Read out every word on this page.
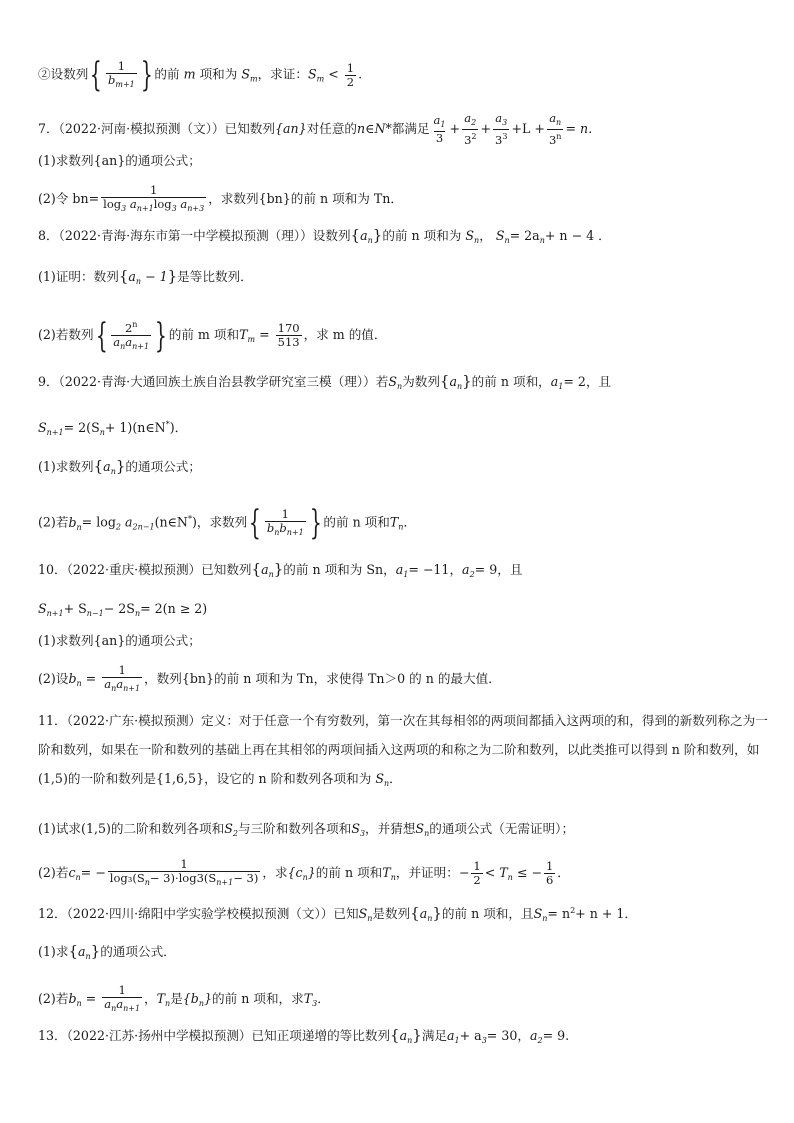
②设数列{ $\frac{1}{b_{m+1}}$ } 的前 m 项和为 $S_m$，求证：$S_m < \frac{1}{2}$ .
7．（2022·河南·模拟预测（文））已知数列{an}对任意的n∈N*都满足 $\frac{a_1}{3} + \frac{a_2}{3^2} + \frac{a_3}{3^3} +L + \frac{a_n}{3^n} = n$．
(1)求数列{an}的通项公式；
(2)令 $bn= \frac{1}{\log_3 a_{n+1}\log_3 a_{n+3}}$ ，求数列{bn}的前 n 项和为 Tn．
8．（2022·青海·海东市第一中学模拟预测（理））设数列$\{a_n\}$的前 n 项和为 $S_n$， $S_n= 2a_n+ n - 4$ ．
(1)证明：数列$\{a_n - 1\}$是等比数列．
(2)若数列{ 2$^n$
$a_na_{n+1}$ } 的前 m 项和$T_m = \frac{170}{513}$ ，求 m 的值．
9．（2022·青海·大通回族土族自治县教学研究室三模（理））若$S_n$为数列$\{a_n\}$的前 n 项和，$a_1= 2$，且
$S_{n+1}= 2(S_n+$ 1)(n∈N*)．
(1)求数列$\{a_n\}$的通项公式；
(2)若$b_n= \log_2$ $a_{2n-1}(n\in N^*)$，求数列{ 1
$b_nb_{n+1}$ } 的前 n 项和$T_n$．
10．（2022·重庆·模拟预测）已知数列$\{a_n\}$的前 n 项和为 Sn，$a_1= -11$，$a_2= 9$，且
$S_{n+1}+ S_{n-1}- 2S_n= 2(n \ge 2)$
(1)求数列{an}的通项公式；
(2)设$b_n$ =
1
$a_na_{n+1}$
，数列{bn}的前 n 项和为 Tn，求使得 Tn＞0 的 n 的最大值．
11．（2022·广东·模拟预测）定义：对于任意一个有穷数列，第一次在其每相邻的两项间都插入这两项的和，得到的新数列称之为一阶和数列，如果在一阶和数列的基础上再在其相邻的两项间插入这两项的和称之为二阶和数列，以此类推可以得到 n 阶和数列，如(1,5)的一阶和数列是{1,6,5}，设它的 n 阶和数列各项和为 $S_n$．
(1)试求(1,5)的二阶和数列各项和$S_2$与三阶和数列各项和$S_3$，并猜想$S_n$的通项公式（无需证明）；
(2)若$c_n= - \frac{1}{\log_3(S_n- 3)\cdot\log 3(S_{n+1}- 3)}$ ，求$\{c_n\}$的前 n 项和$T_n$，并证明：− $\frac{1}{2} < T_n$ ≤ − $\frac{1}{6}$ ．
12．（2022·四川·绵阳中学实验学校模拟预测（文））已知$S_n$是数列$\{a_n\}$的前 n 项和，且$S_n= n^2+ n + 1$．
(1)求$\{a_n\}$的通项公式．
(2)若$b_n$ =
1
$a_na_{n+1}$
，$T_n$是$\{b_n\}$的前 n 项和，求$T_3$．
13．（2022·江苏·扬州中学模拟预测）已知正项递增的等比数列$\{a_n\}$满足$a_1+ a_3= 30$，$a_2= 9$.
